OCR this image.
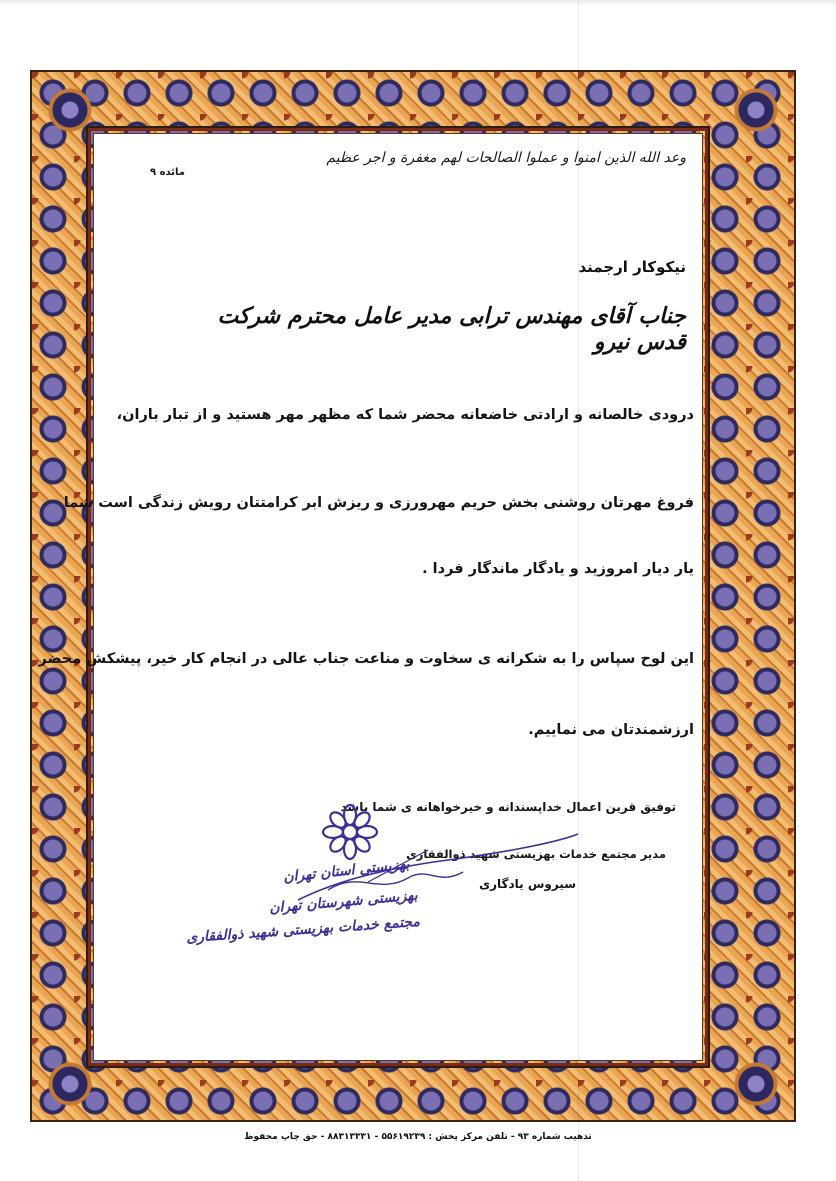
وعد الله الذین امنوا و عملوا الصالحات لهم مغفرة و اجر عظیم
مائده ۹
نیکوکار ارجمند
جناب آقای مهندس ترابی مدیر عامل محترم شرکت قدس نیرو
درودی خالصانه و ارادتی خاضعانه محضر شما که مظهر مهر هستید و از تبار باران،
فروغ مهرتان روشنی بخش حریم مهرورزی و ریزش ابر کرامتتان رویش زندگی است شما
یار دیار امروزید و یادگار ماندگار فردا .
این لوح سپاس را به شکرانه ی سخاوت و مناعت جناب عالی در انجام کار خیر، پیشکش محضر
ارزشمندتان می نماییم.
توفیق قرین اعمال خداپسندانه و خیرخواهانه ی شما باشد
مدیر مجتمع خدمات بهزیستی شهید ذوالفقاری
سیروس یادگاری
بهزیستی استان تهران
بهزیستی شهرستان تهران
مجتمع خدمات بهزیستی شهید ذوالفقاری
تذهیب شماره ۹۳ - تلفن مرکز پخش : ۵۵۶۱۹۲۳۹ - ۸۸۳۱۳۳۳۱ - حق چاپ محفوظ
